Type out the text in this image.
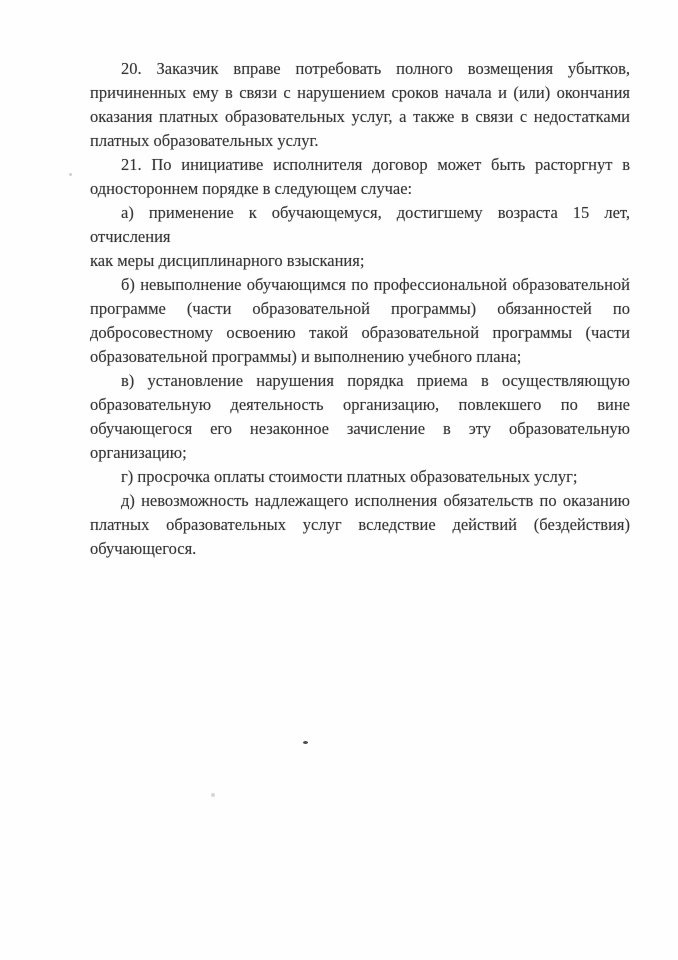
20. Заказчик вправе потребовать полного возмещения убытков,
причиненных ему в связи с нарушением сроков начала и (или) окончания
оказания платных образовательных услуг, а также в связи с недостатками
платных образовательных услуг.
21. По инициативе исполнителя договор может быть расторгнут в
одностороннем порядке в следующем случае:
а) применение к обучающемуся, достигшему возраста 15 лет, отчисления
как меры дисциплинарного взыскания;
б) невыполнение обучающимся по профессиональной образовательной
программе (части образовательной программы) обязанностей по
добросовестному освоению такой образовательной программы (части
образовательной программы) и выполнению учебного плана;
в) установление нарушения порядка приема в осуществляющую
образовательную деятельность организацию, повлекшего по вине
обучающегося его незаконное зачисление в эту образовательную
организацию;
г) просрочка оплаты стоимости платных образовательных услуг;
д) невозможность надлежащего исполнения обязательств по оказанию
платных образовательных услуг вследствие действий (бездействия)
обучающегося.
